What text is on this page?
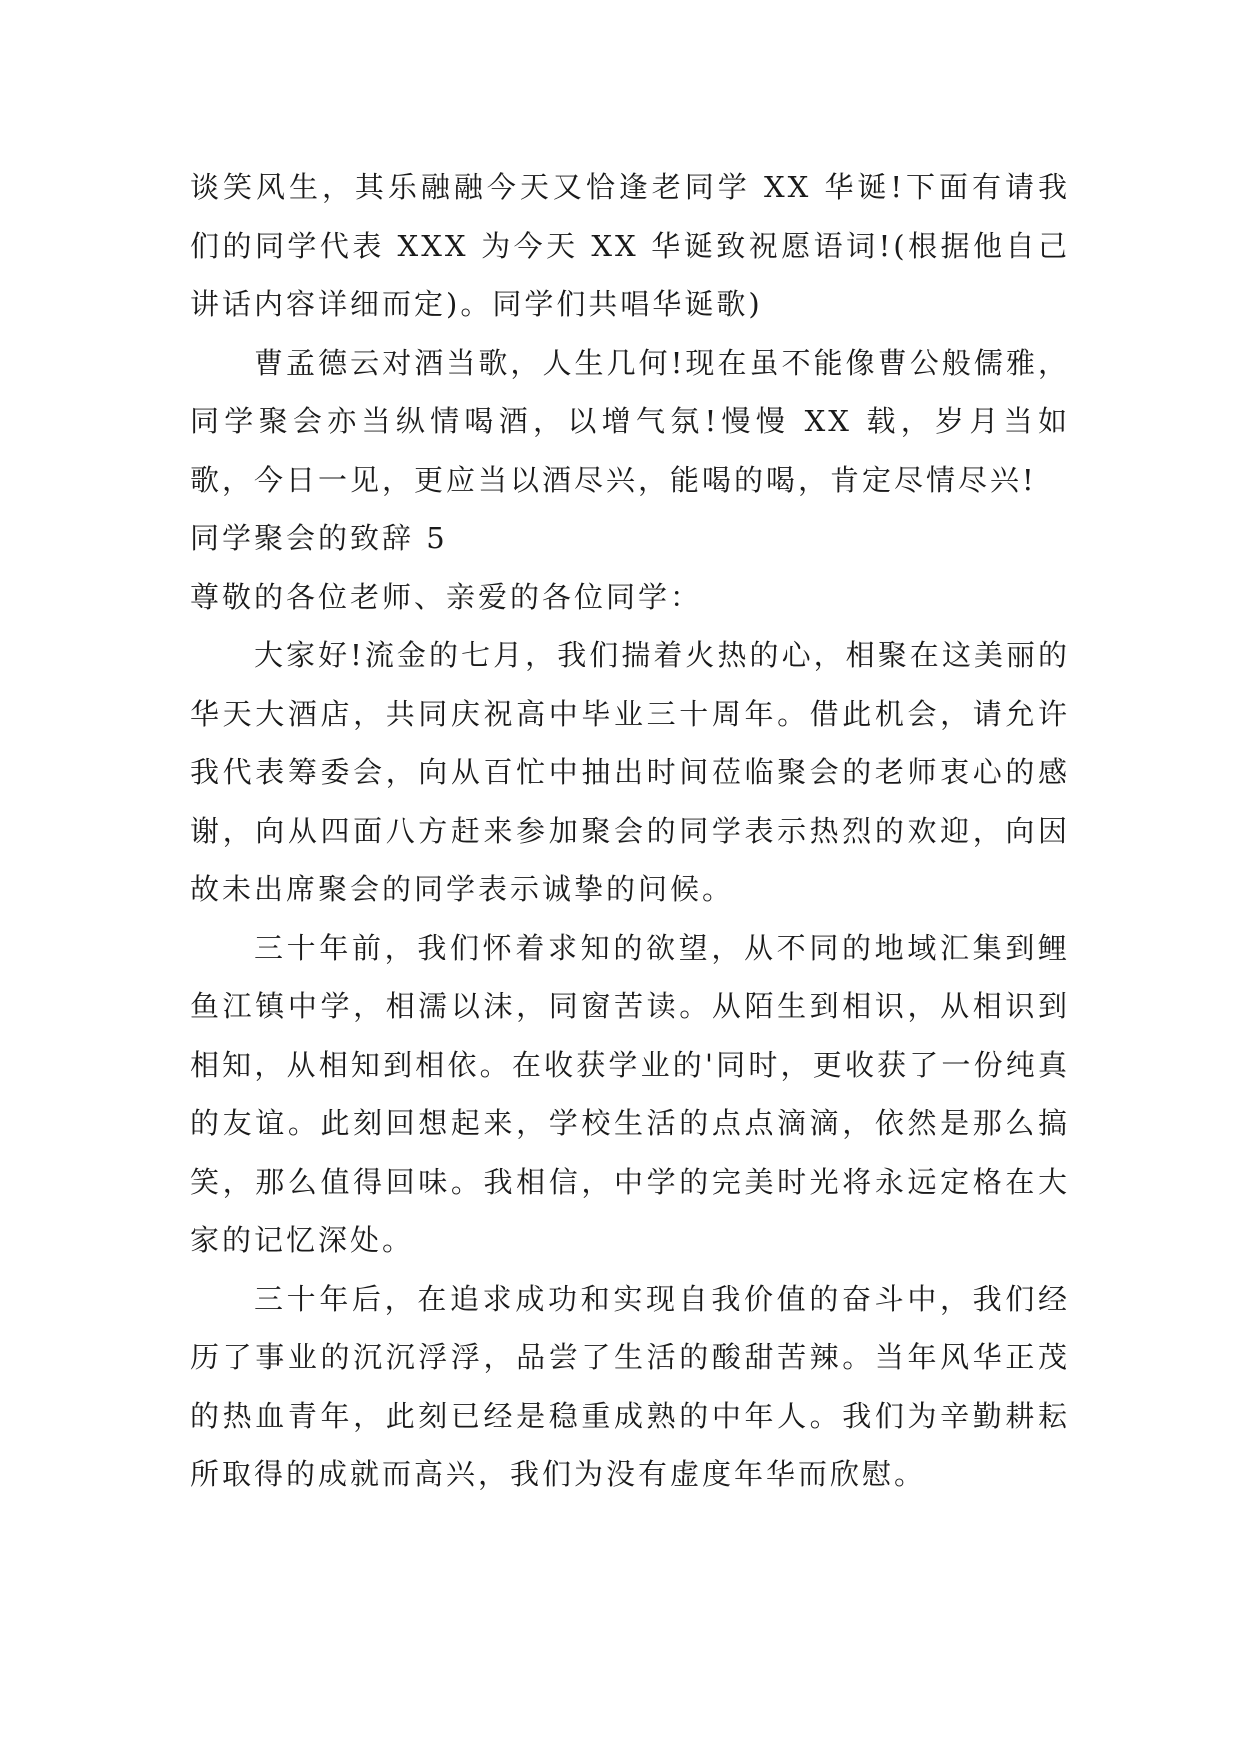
谈笑风生，其乐融融今天又恰逢老同学 XX 华诞!下面有请我们的同学代表 XXX 为今天 XX 华诞致祝愿语词!(根据他自己讲话内容详细而定)。同学们共唱华诞歌)

曹孟德云对酒当歌，人生几何!现在虽不能像曹公般儒雅，同学聚会亦当纵情喝酒，以增气氛!慢慢 XX 载，岁月当如歌，今日一见，更应当以酒尽兴，能喝的喝，肯定尽情尽兴!

同学聚会的致辞 5

尊敬的各位老师、亲爱的各位同学：

大家好!流金的七月，我们揣着火热的心，相聚在这美丽的华天大酒店，共同庆祝高中毕业三十周年。借此机会，请允许我代表筹委会，向从百忙中抽出时间莅临聚会的老师衷心的感谢，向从四面八方赶来参加聚会的同学表示热烈的欢迎，向因故未出席聚会的同学表示诚挚的问候。

三十年前，我们怀着求知的欲望，从不同的地域汇集到鲤鱼江镇中学，相濡以沫，同窗苦读。从陌生到相识，从相识到相知，从相知到相依。在收获学业的'同时，更收获了一份纯真的友谊。此刻回想起来，学校生活的点点滴滴，依然是那么搞笑，那么值得回味。我相信，中学的完美时光将永远定格在大家的记忆深处。

三十年后，在追求成功和实现自我价值的奋斗中，我们经历了事业的沉沉浮浮，品尝了生活的酸甜苦辣。当年风华正茂的热血青年，此刻已经是稳重成熟的中年人。我们为辛勤耕耘所取得的成就而高兴，我们为没有虚度年华而欣慰。
